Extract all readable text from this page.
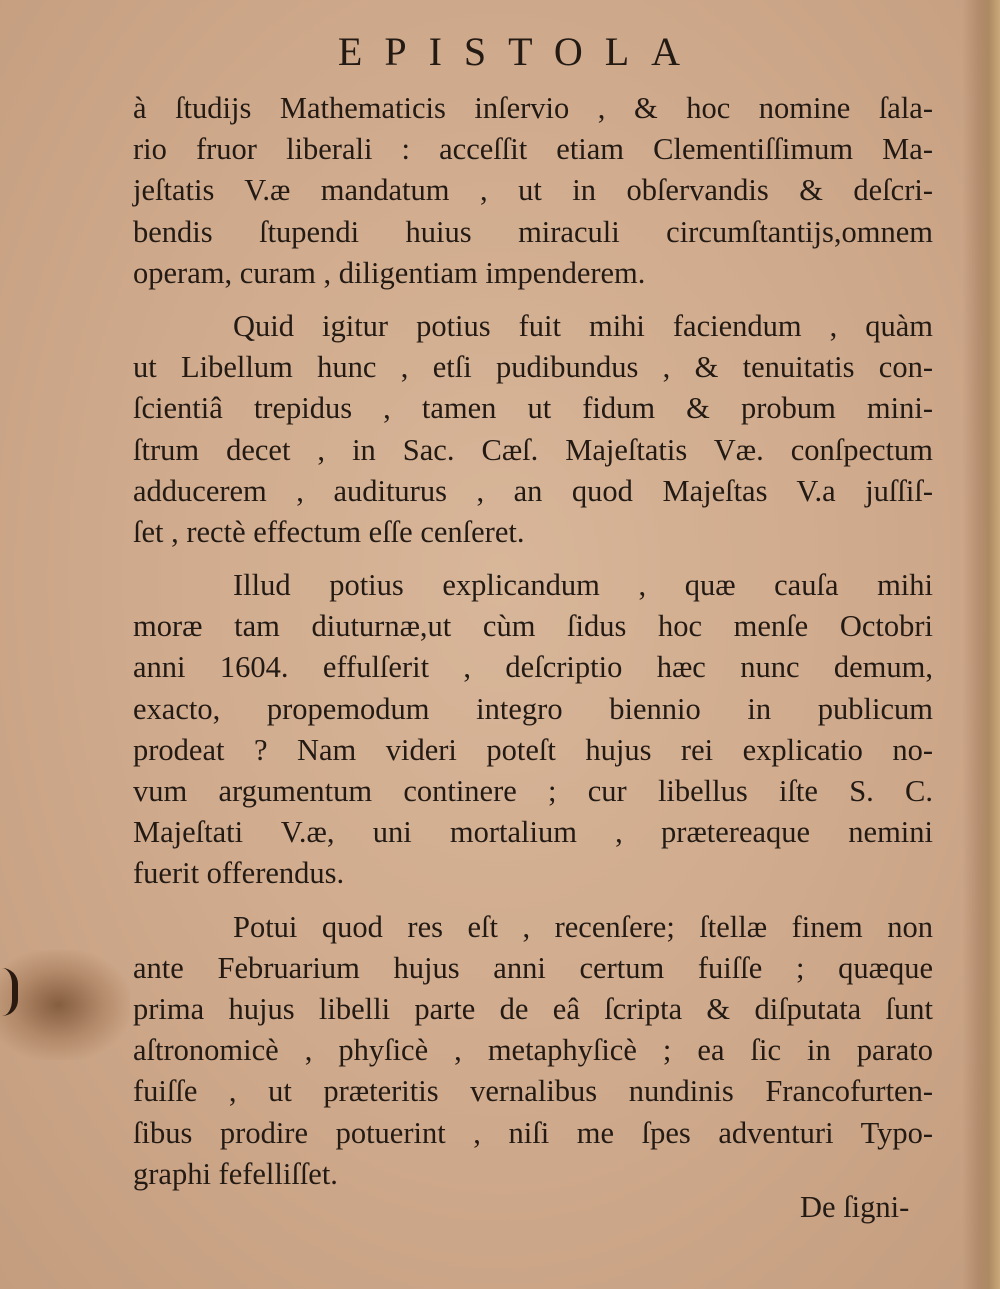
EPISTOLA
à ſtudijs Mathematicis inſervio , & hoc nomine ſala-
rio fruor liberali : acceſſit etiam Clementiſſimum Ma-
jeſtatis V.æ mandatum , ut in obſervandis & deſcri-
bendis ſtupendi huius miraculi circumſtantijs,omnem
operam, curam , diligentiam impenderem.
Quid igitur potius fuit mihi faciendum , quàm
ut Libellum hunc , etſi pudibundus , & tenuitatis con-
ſcientiâ trepidus , tamen ut fidum & probum mini-
ſtrum decet , in Sac. Cæſ. Majeſtatis Væ. conſpectum
adducerem , auditurus , an quod Majeſtas V.a juſſiſ-
ſet , rectè effectum eſſe cenſeret.
Illud potius explicandum , quæ cauſa mihi
moræ tam diuturnæ,ut cùm ſidus hoc menſe Octobri
anni 1604. effulſerit , deſcriptio hæc nunc demum,
exacto, propemodum integro biennio in publicum
prodeat ? Nam videri poteſt hujus rei explicatio no-
vum argumentum continere ; cur libellus iſte S. C.
Majeſtati V.æ, uni mortalium , prætereaque nemini
fuerit offerendus.
Potui quod res eſt , recenſere; ſtellæ finem non
ante Februarium hujus anni certum fuiſſe ; quæque
prima hujus libelli parte de eâ ſcripta & diſputata ſunt
aſtronomicè , phyſicè , metaphyſicè ; ea ſic in parato
fuiſſe , ut præteritis vernalibus nundinis Francofurten-
ſibus prodire potuerint , niſi me ſpes adventuri Typo-
graphi fefelliſſet.
De ſigni-
